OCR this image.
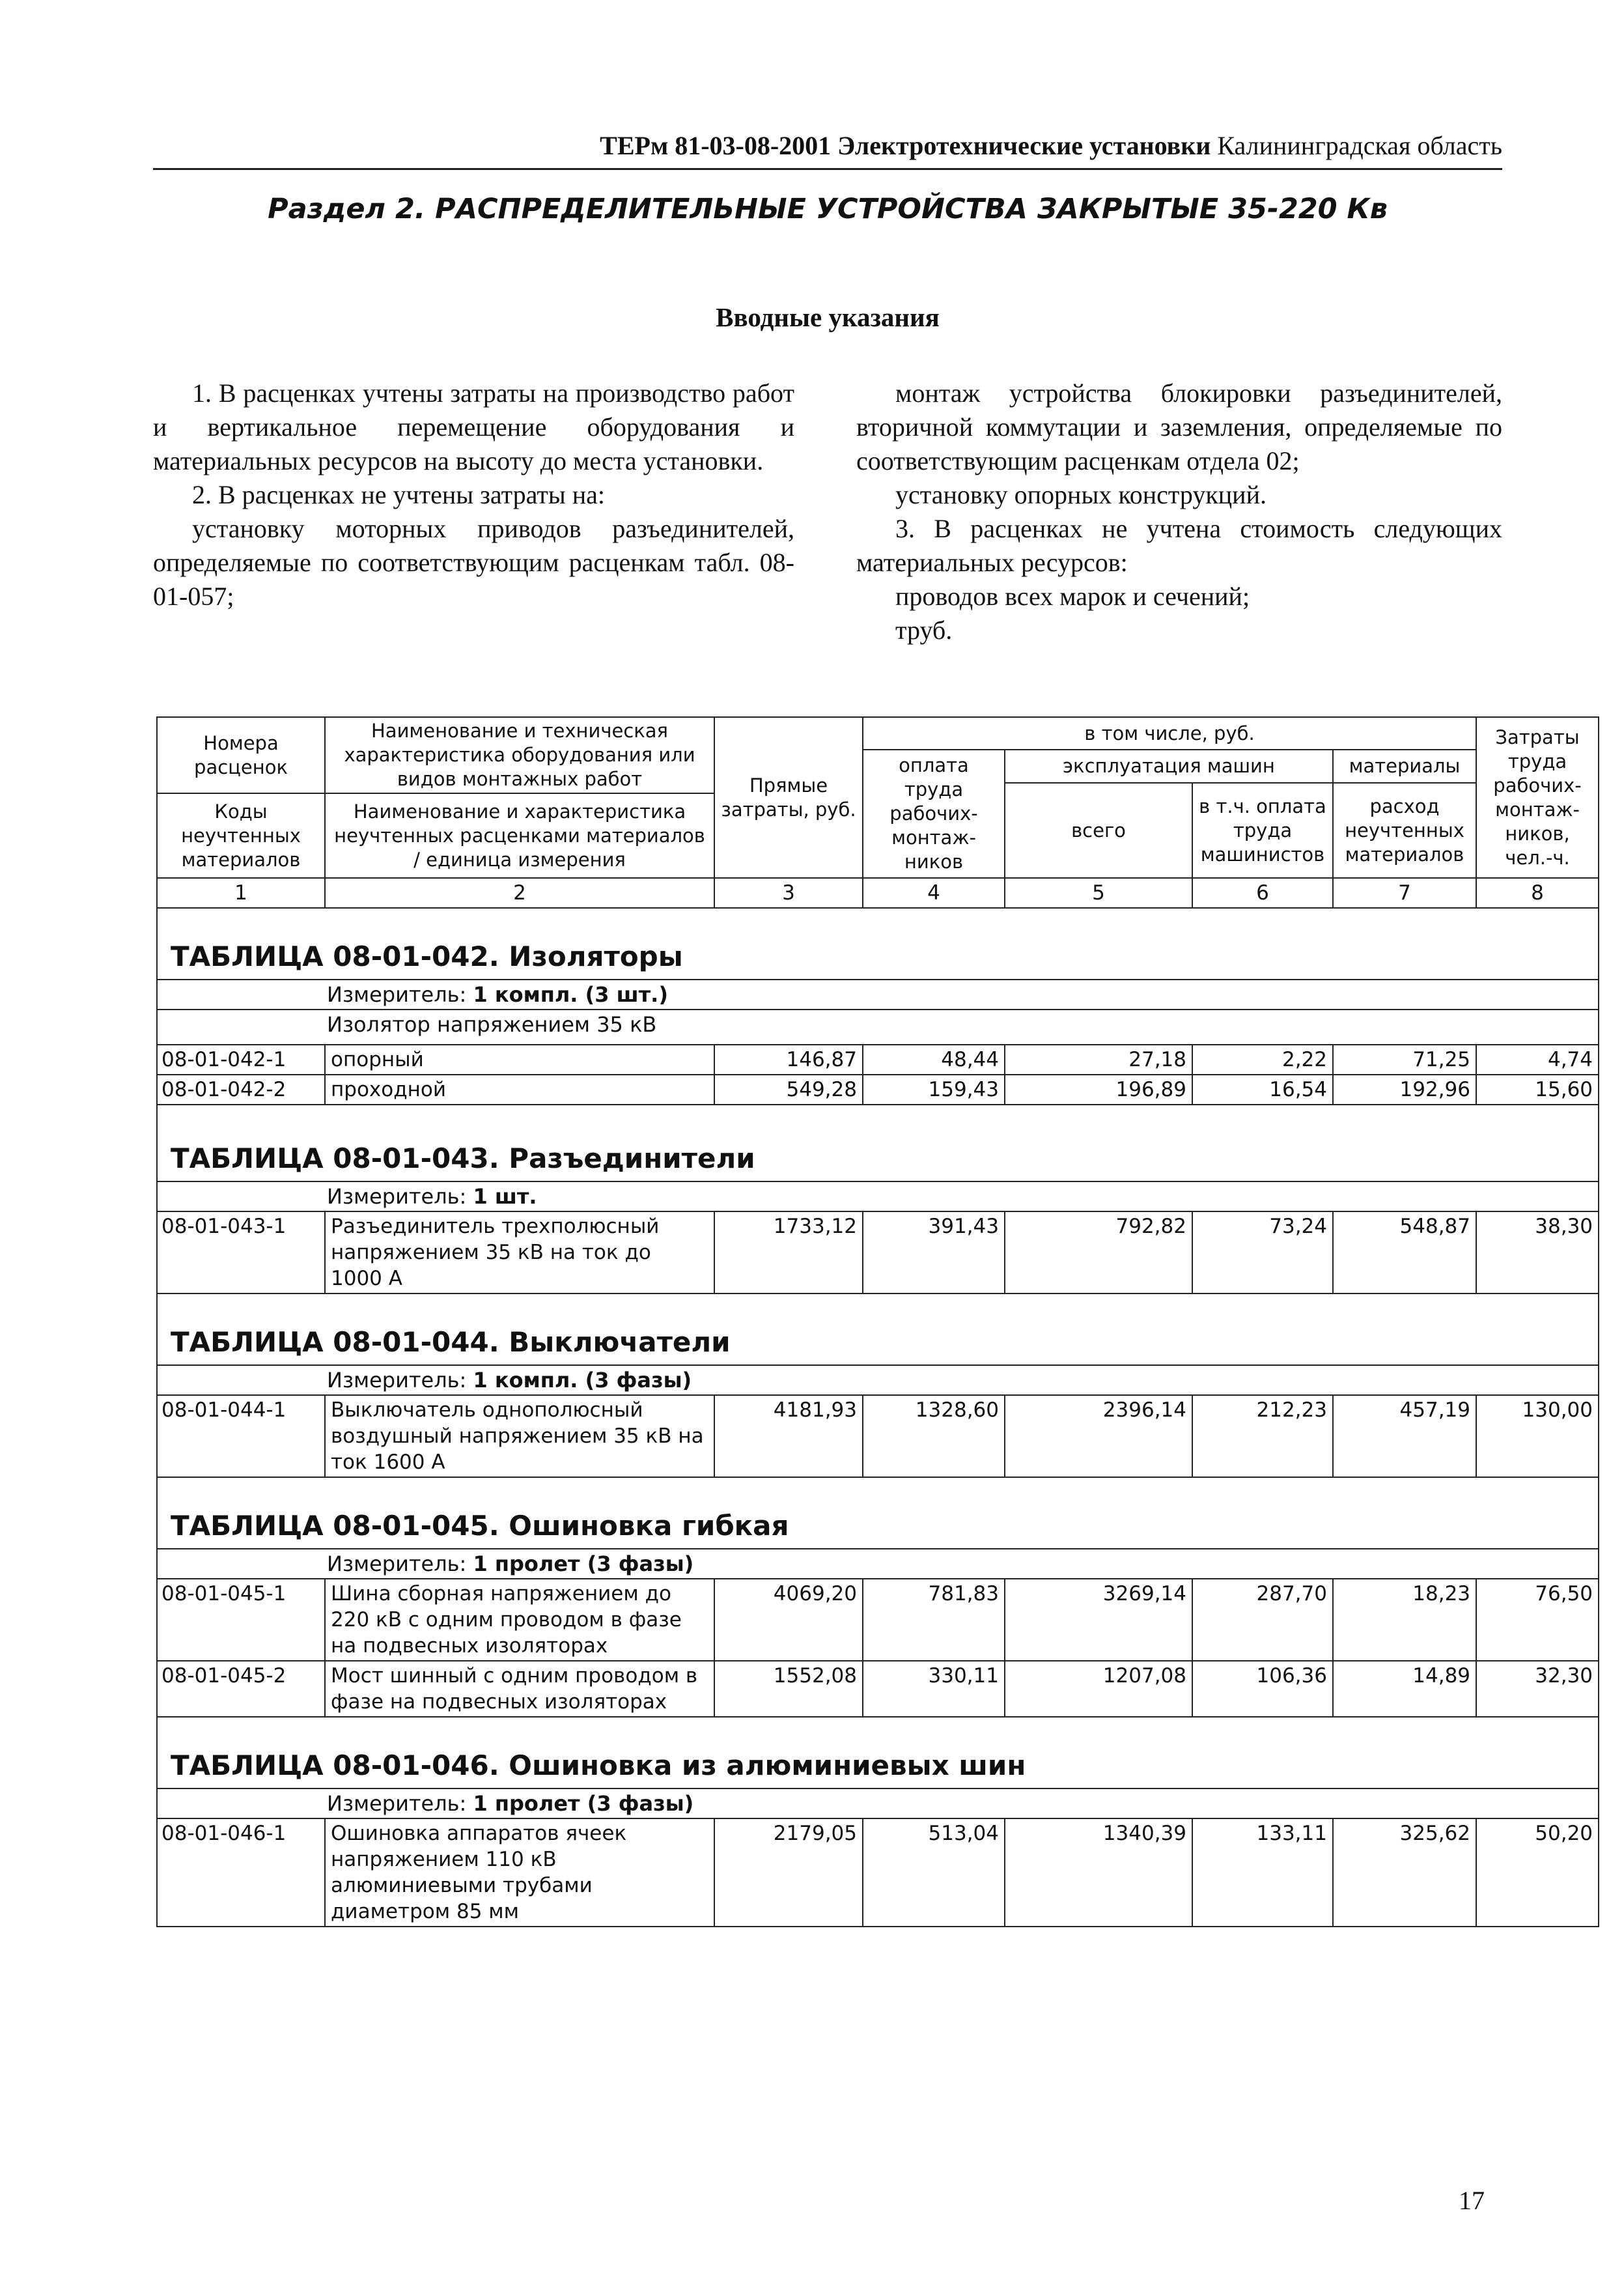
ТЕРм 81-03-08-2001 Электротехнические установки Калининградская область
Раздел 2. РАСПРЕДЕЛИТЕЛЬНЫЕ УСТРОЙСТВА ЗАКРЫТЫЕ 35-220 Кв
Вводные указания

1. В расценках учтены затраты на производство работ и вертикальное перемещение оборудования и материальных ресурсов на высоту до места установки.

2. В расценках не учтены затраты на:

установку моторных приводов разъединителей, определяемые по соответствующим расценкам табл. 08-01-057;

монтаж устройства блокировки разъединителей, вторичной коммутации и заземления, определяемые по соответствующим расценкам отдела 02;

установку опорных конструкций.

3. В расценках не учтена стоимость следующих материальных ресурсов:

проводов всех марок и сечений;

труб.

Номера расценок	Наименование и техническая характеристика оборудования или видов монтажных работ	Прямые затраты, руб.	в том числе, руб.				Затраты труда рабочих-монтаж-ников, чел.-ч.
			оплата труда рабочих-монтаж-ников	эксплуатация машин		материалы	
				всего	в т.ч. оплата труда машинистов	расход неучтенных материалов	
Коды неучтенных материалов	Наименование и характеристика неучтенных расценками материалов / единица измерения						

1	2	3	4	5	6	7	8
ТАБЛИЦА 08-01-042. Изоляторы							
Измеритель: 1 компл. (3 шт.)							
Изолятор напряжением 35 кВ							
08-01-042-1	опорный	146,87	48,44	27,18	2,22	71,25	4,74
08-01-042-2	проходной	549,28	159,43	196,89	16,54	192,96	15,60
ТАБЛИЦА 08-01-043. Разъединители							
Измеритель: 1 шт.							
08-01-043-1	Разъединитель трехполюсный напряжением 35 кВ на ток до 1000 А	1733,12	391,43	792,82	73,24	548,87	38,30
ТАБЛИЦА 08-01-044. Выключатели							
Измеритель: 1 компл. (3 фазы)							
08-01-044-1	Выключатель однополюсный воздушный напряжением 35 кВ на ток 1600 А	4181,93	1328,60	2396,14	212,23	457,19	130,00
ТАБЛИЦА 08-01-045. Ошиновка гибкая							
Измеритель: 1 пролет (3 фазы)							
08-01-045-1	Шина сборная напряжением до 220 кВ с одним проводом в фазе на подвесных изоляторах	4069,20	781,83	3269,14	287,70	18,23	76,50
08-01-045-2	Мост шинный с одним проводом в фазе на подвесных изоляторах	1552,08	330,11	1207,08	106,36	14,89	32,30
ТАБЛИЦА 08-01-046. Ошиновка из алюминиевых шин							
Измеритель: 1 пролет (3 фазы)							
08-01-046-1	Ошиновка аппаратов ячеек напряжением 110 кВ алюминиевыми трубами диаметром 85 мм	2179,05	513,04	1340,39	133,11	325,62	50,20
17
